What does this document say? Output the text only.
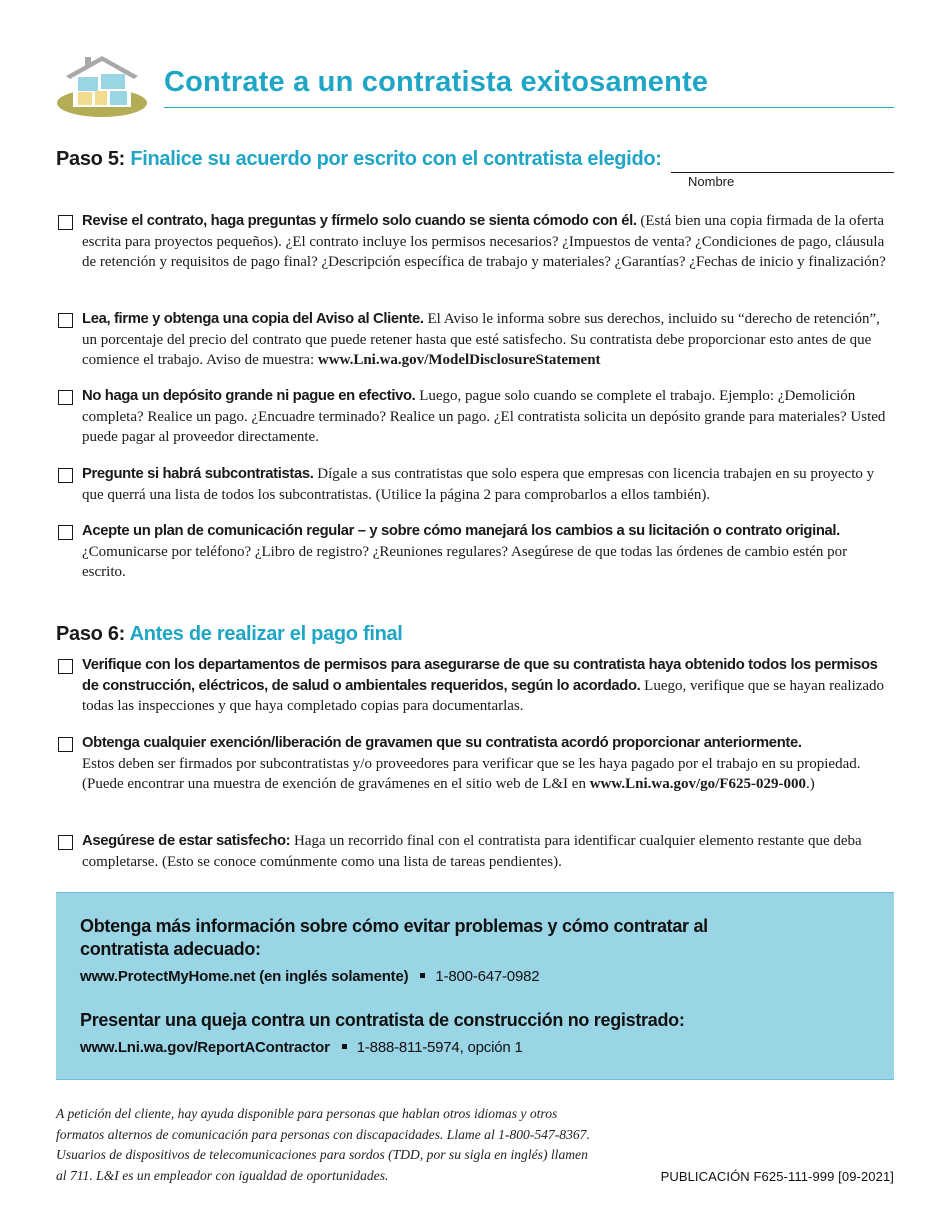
Contrate a un contratista exitosamente
Paso 5: Finalice su acuerdo por escrito con el contratista elegido:
Nombre
Revise el contrato, haga preguntas y fírmelo solo cuando se sienta cómodo con él. (Está bien una copia firmada de la oferta escrita para proyectos pequeños). ¿El contrato incluye los permisos necesarios? ¿Impuestos de venta? ¿Condiciones de pago, cláusula de retención y requisitos de pago final? ¿Descripción específica de trabajo y materiales? ¿Garantías? ¿Fechas de inicio y finalización?
Lea, firme y obtenga una copia del Aviso al Cliente. El Aviso le informa sobre sus derechos, incluido su “derecho de retención”, un porcentaje del precio del contrato que puede retener hasta que esté satisfecho. Su contratista debe proporcionar esto antes de que comience el trabajo. Aviso de muestra: www.Lni.wa.gov/ModelDisclosureStatement
No haga un depósito grande ni pague en efectivo. Luego, pague solo cuando se complete el trabajo. Ejemplo: ¿Demolición completa? Realice un pago. ¿Encuadre terminado? Realice un pago. ¿El contratista solicita un depósito grande para materiales? Usted puede pagar al proveedor directamente.
Pregunte si habrá subcontratistas. Dígale a sus contratistas que solo espera que empresas con licencia trabajen en su proyecto y que querrá una lista de todos los subcontratistas. (Utilice la página 2 para comprobarlos a ellos también).
Acepte un plan de comunicación regular – y sobre cómo manejará los cambios a su licitación o contrato original. ¿Comunicarse por teléfono? ¿Libro de registro? ¿Reuniones regulares? Asegúrese de que todas las órdenes de cambio estén por escrito.
Paso 6: Antes de realizar el pago final
Verifique con los departamentos de permisos para asegurarse de que su contratista haya obtenido todos los permisos de construcción, eléctricos, de salud o ambientales requeridos, según lo acordado. Luego, verifique que se hayan realizado todas las inspecciones y que haya completado copias para documentarlas.
Obtenga cualquier exención/liberación de gravamen que su contratista acordó proporcionar anteriormente.
Estos deben ser firmados por subcontratistas y/o proveedores para verificar que se les haya pagado por el trabajo en su propiedad. (Puede encontrar una muestra de exención de gravámenes en el sitio web de L&I en www.Lni.wa.gov/go/F625-029-000.)
Asegúrese de estar satisfecho: Haga un recorrido final con el contratista para identificar cualquier elemento restante que deba completarse. (Esto se conoce comúnmente como una lista de tareas pendientes).
Obtenga más información sobre cómo evitar problemas y cómo contratar al contratista adecuado:
www.ProtectMyHome.net (en inglés solamente) 1-800-647-0982
Presentar una queja contra un contratista de construcción no registrado:
www.Lni.wa.gov/ReportAContractor 1-888-811-5974, opción 1
A petición del cliente, hay ayuda disponible para personas que hablan otros idiomas y otros formatos alternos de comunicación para personas con discapacidades. Llame al 1-800-547-8367. Usuarios de dispositivos de telecomunicaciones para sordos (TDD, por su sigla en inglés) llamen al 711. L&I es un empleador con igualdad de oportunidades.	PUBLICACIÓN F625-111-999 [09-2021]
